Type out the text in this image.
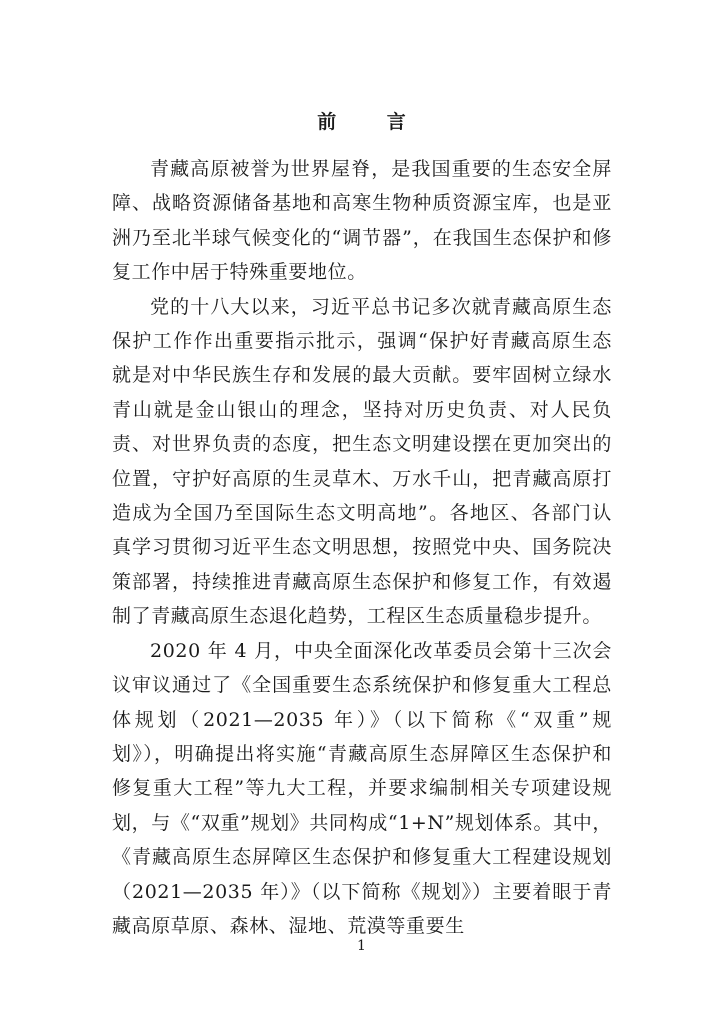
前 言

青藏高原被誉为世界屋脊，是我国重要的生态安全屏障、战略资源储备基地和高寒生物种质资源宝库，也是亚洲乃至北半球气候变化的“调节器”，在我国生态保护和修复工作中居于特殊重要地位。

党的十八大以来，习近平总书记多次就青藏高原生态保护工作作出重要指示批示，强调“保护好青藏高原生态就是对中华民族生存和发展的最大贡献。要牢固树立绿水青山就是金山银山的理念，坚持对历史负责、对人民负责、对世界负责的态度，把生态文明建设摆在更加突出的位置，守护好高原的生灵草木、万水千山，把青藏高原打造成为全国乃至国际生态文明高地”。各地区、各部门认真学习贯彻习近平生态文明思想，按照党中央、国务院决策部署，持续推进青藏高原生态保护和修复工作，有效遏制了青藏高原生态退化趋势，工程区生态质量稳步提升。

2020 年 4 月，中央全面深化改革委员会第十三次会议审议通过了《全国重要生态系统保护和修复重大工程总体规划（2021—2035 年）》（以下简称《“双重”规划》），明确提出将实施“青藏高原生态屏障区生态保护和修复重大工程”等九大工程，并要求编制相关专项建设规划，与《“双重”规划》共同构成“1+N”规划体系。其中，《青藏高原生态屏障区生态保护和修复重大工程建设规划（2021—2035 年）》（以下简称《规划》）主要着眼于青藏高原草原、森林、湿地、荒漠等重要生

1
